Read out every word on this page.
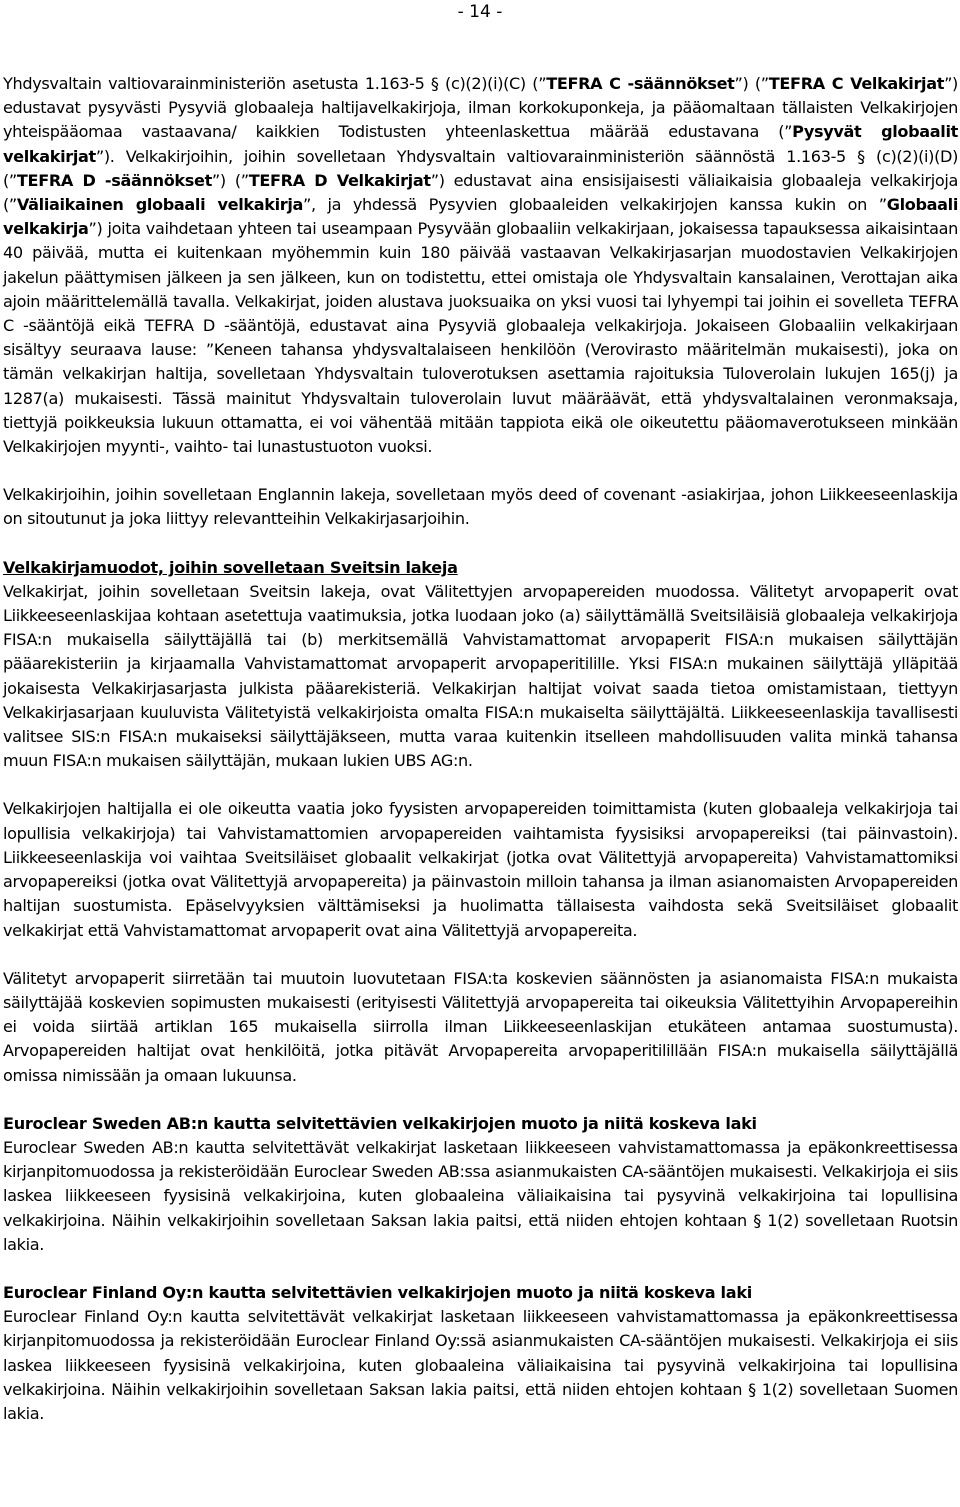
- 14 -

Yhdysvaltain valtiovarainministeriön asetusta 1.163-5 § (c)(2)(i)(C) (”TEFRA C -säännökset”) (”TEFRA C Velkakirjat”) edustavat pysyvästi Pysyviä globaaleja haltijavelkakirjoja, ilman korkokuponkeja, ja pääomaltaan tällaisten Velkakirjojen yhteispääomaa vastaavana/ kaikkien Todistusten yhteenlaskettua määrää edustavana (”Pysyvät globaalit velkakirjat”). Velkakirjoihin, joihin sovelletaan Yhdysvaltain valtiovarainministeriön säännöstä 1.163-5 § (c)(2)(i)(D) (”TEFRA D -säännökset”) (”TEFRA D Velkakirjat”) edustavat aina ensisijaisesti väliaikaisia globaaleja velkakirjoja (”Väliaikainen globaali velkakirja”, ja yhdessä Pysyvien globaaleiden velkakirjojen kanssa kukin on ”Globaali velkakirja”) joita vaihdetaan yhteen tai useampaan Pysyvään globaaliin velkakirjaan, jokaisessa tapauksessa aikaisintaan 40 päivää, mutta ei kuitenkaan myöhemmin kuin 180 päivää vastaavan Velkakirjasarjan muodostavien Velkakirjojen jakelun päättymisen jälkeen ja sen jälkeen, kun on todistettu, ettei omistaja ole Yhdysvaltain kansalainen, Verottajan aika ajoin määrittelemällä tavalla. Velkakirjat, joiden alustava juoksuaika on yksi vuosi tai lyhyempi tai joihin ei sovelleta TEFRA C -sääntöjä eikä TEFRA D -sääntöjä, edustavat aina Pysyviä globaaleja velkakirjoja. Jokaiseen Globaaliin velkakirjaan sisältyy seuraava lause: ”Keneen tahansa yhdysvaltalaiseen henkilöön (Verovirasto määritelmän mukaisesti), joka on tämän velkakirjan haltija, sovelletaan Yhdysvaltain tuloverotuksen asettamia rajoituksia Tuloverolain lukujen 165(j) ja 1287(a) mukaisesti. Tässä mainitut Yhdysvaltain tuloverolain luvut määräävät, että yhdysvaltalainen veronmaksaja, tiettyjä poikkeuksia lukuun ottamatta, ei voi vähentää mitään tappiota eikä ole oikeutettu pääomaverotukseen minkään Velkakirjojen myynti-, vaihto- tai lunastustuoton vuoksi.

Velkakirjoihin, joihin sovelletaan Englannin lakeja, sovelletaan myös deed of covenant -asiakirjaa, johon Liikkeeseenlaskija on sitoutunut ja joka liittyy relevantteihin Velkakirjasarjoihin.

Velkakirjamuodot, joihin sovelletaan Sveitsin lakeja

Velkakirjat, joihin sovelletaan Sveitsin lakeja, ovat Välitettyjen arvopapereiden muodossa. Välitetyt arvopaperit ovat Liikkeeseenlaskijaa kohtaan asetettuja vaatimuksia, jotka luodaan joko (a) säilyttämällä Sveitsiläisiä globaaleja velkakirjoja FISA:n mukaisella säilyttäjällä tai (b) merkitsemällä Vahvistamattomat arvopaperit FISA:n mukaisen säilyttäjän pääarekisteriin ja kirjaamalla Vahvistamattomat arvopaperit arvopaperitilille. Yksi FISA:n mukainen säilyttäjä ylläpitää jokaisesta Velkakirjasarjasta julkista pääarekisteriä. Velkakirjan haltijat voivat saada tietoa omistamistaan, tiettyyn Velkakirjasarjaan kuuluvista Välitetyistä velkakirjoista omalta FISA:n mukaiselta säilyttäjältä. Liikkeeseenlaskija tavallisesti valitsee SIS:n FISA:n mukaiseksi säilyttäjäkseen, mutta varaa kuitenkin itselleen mahdollisuuden valita minkä tahansa muun FISA:n mukaisen säilyttäjän, mukaan lukien UBS AG:n.

Velkakirjojen haltijalla ei ole oikeutta vaatia joko fyysisten arvopapereiden toimittamista (kuten globaaleja velkakirjoja tai lopullisia velkakirjoja) tai Vahvistamattomien arvopapereiden vaihtamista fyysisiksi arvopapereiksi (tai päinvastoin). Liikkeeseenlaskija voi vaihtaa Sveitsiläiset globaalit velkakirjat (jotka ovat Välitettyjä arvopapereita) Vahvistamattomiksi arvopapereiksi (jotka ovat Välitettyjä arvopapereita) ja päinvastoin milloin tahansa ja ilman asianomaisten Arvopapereiden haltijan suostumista. Epäselvyyksien välttämiseksi ja huolimatta tällaisesta vaihdosta sekä Sveitsiläiset globaalit velkakirjat että Vahvistamattomat arvopaperit ovat aina Välitettyjä arvopapereita.

Välitetyt arvopaperit siirretään tai muutoin luovutetaan FISA:ta koskevien säännösten ja asianomaista FISA:n mukaista säilyttäjää koskevien sopimusten mukaisesti (erityisesti Välitettyjä arvopapereita tai oikeuksia Välitettyihin Arvopapereihin ei voida siirtää artiklan 165 mukaisella siirrolla ilman Liikkeeseenlaskijan etukäteen antamaa suostumusta). Arvopapereiden haltijat ovat henkilöitä, jotka pitävät Arvopapereita arvopaperitilillään FISA:n mukaisella säilyttäjällä omissa nimissään ja omaan lukuunsa.

Euroclear Sweden AB:n kautta selvitettävien velkakirjojen muoto ja niitä koskeva laki

Euroclear Sweden AB:n kautta selvitettävät velkakirjat lasketaan liikkeeseen vahvistamattomassa ja epäkonkreettisessa kirjanpitomuodossa ja rekisteröidään Euroclear Sweden AB:ssa asianmukaisten CA-sääntöjen mukaisesti. Velkakirjoja ei siis laskea liikkeeseen fyysisinä velkakirjoina, kuten globaaleina väliaikaisina tai pysyvinä velkakirjoina tai lopullisina velkakirjoina. Näihin velkakirjoihin sovelletaan Saksan lakia paitsi, että niiden ehtojen kohtaan § 1(2) sovelletaan Ruotsin lakia.

Euroclear Finland Oy:n kautta selvitettävien velkakirjojen muoto ja niitä koskeva laki

Euroclear Finland Oy:n kautta selvitettävät velkakirjat lasketaan liikkeeseen vahvistamattomassa ja epäkonkreettisessa kirjanpitomuodossa ja rekisteröidään Euroclear Finland Oy:ssä asianmukaisten CA-sääntöjen mukaisesti. Velkakirjoja ei siis laskea liikkeeseen fyysisinä velkakirjoina, kuten globaaleina väliaikaisina tai pysyvinä velkakirjoina tai lopullisina velkakirjoina. Näihin velkakirjoihin sovelletaan Saksan lakia paitsi, että niiden ehtojen kohtaan § 1(2) sovelletaan Suomen lakia.
